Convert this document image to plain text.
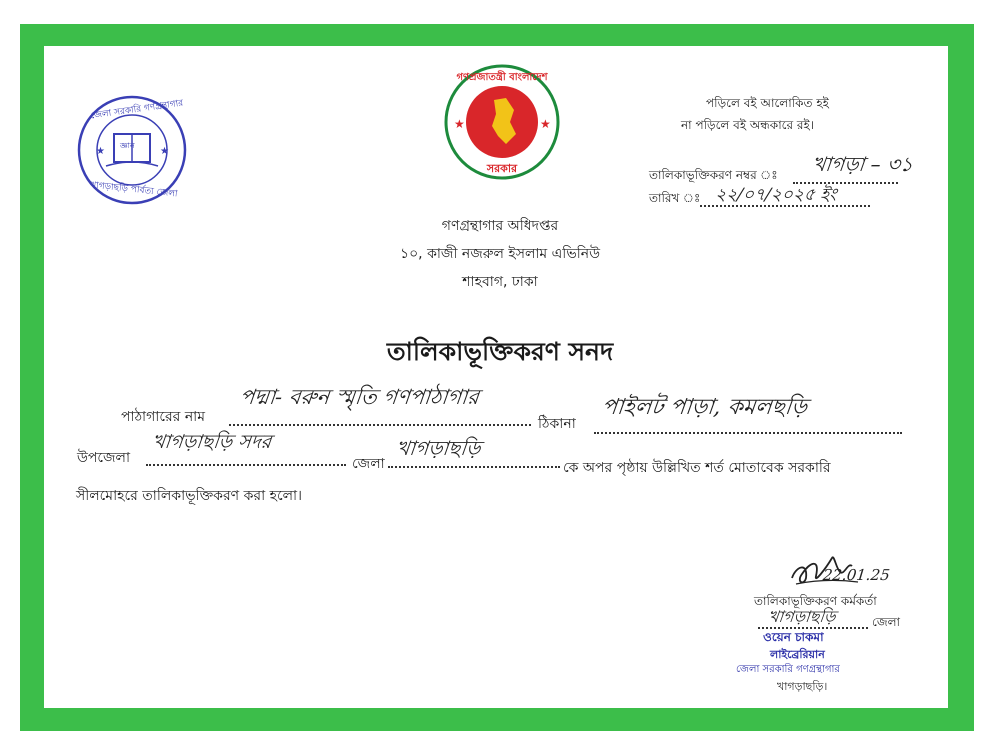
★	★
জেলা সরকারি গণগ্রন্থাগার
জ্ঞান
খাগড়াছড়ি পার্বত্য জেলা
★	★
গণপ্রজাতন্ত্রী বাংলাদেশ
সরকার
পড়িলে বই আলোকিত হই
না পড়িলে বই অন্ধকারে রই।
তালিকাভূক্তিকরণ নম্বর ঃ খাগড়া – ৩১
তারিখ ঃ ২২/০৭/২০২৫ ইং
গণগ্রন্থাগার অধিদপ্তর
১০, কাজী নজরুল ইসলাম এভিনিউ
শাহবাগ, ঢাকা
তালিকাভূক্তিকরণ সনদ
পাঠাগারের নাম
পদ্মা- বরুন স্মৃতি গণপাঠাগার
ঠিকানা
পাইলট পাড়া, কমলছড়ি
উপজেলা
খাগড়াছড়ি সদর
জেলা
খাগড়াছড়ি
কে অপর পৃষ্ঠায় উল্লিখিত শর্ত মোতাবেক সরকারি
সীলমোহরে তালিকাভূক্তিকরণ করা হলো।
22.01.25
তালিকাভূক্তিকরণ কর্মকর্তা
খাগড়াছড়ি	জেলা
ওয়েন চাকমা
লাইব্রেরিয়ান
জেলা সরকারি গণগ্রন্থাগার
খাগড়াছড়ি।
